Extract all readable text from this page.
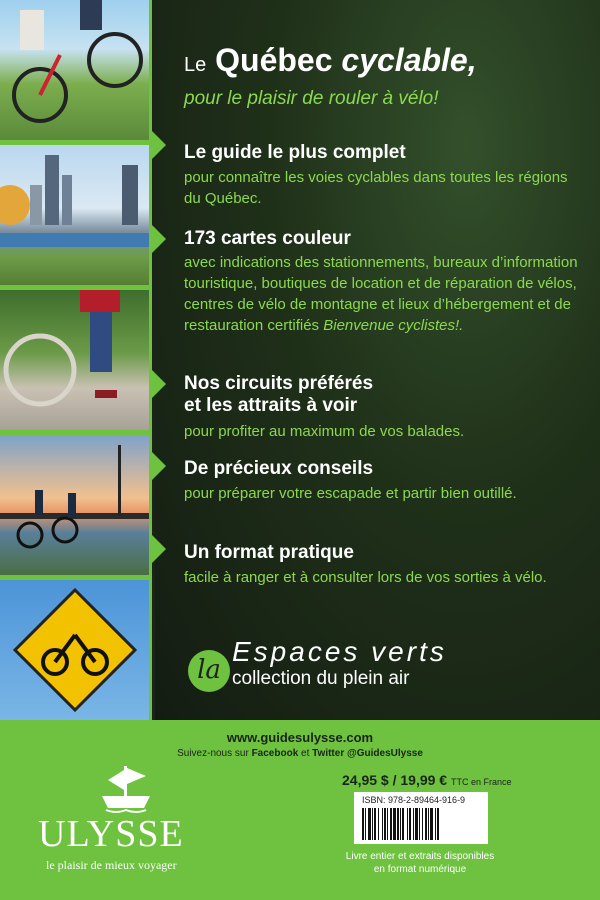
Le Québec cyclable,
pour le plaisir de rouler à vélo!
Le guide le plus complet
pour connaître les voies cyclables dans toutes les régions du Québec.
173 cartes couleur
avec indications des stationnements, bureaux d’information touristique, boutiques de location et de réparation de vélos, centres de vélo de montagne et lieux d’hébergement et de restauration certifiés Bienvenue cyclistes!.
Nos circuits préférés
et les attraits à voir
pour profiter au maximum de vos balades.
De précieux conseils
pour préparer votre escapade et partir bien outillé.
Un format pratique
facile à ranger et à consulter lors de vos sorties à vélo.
la
Espaces verts
collection du plein air
www.guidesulysse.com
Suivez-nous sur Facebook et Twitter @GuidesUlysse
ULYSSE
le plaisir de mieux voyager
24,95 $ / 19,99 € TTC en France
ISBN: 978-2-89464-916-9
Livre entier et extraits disponibles
en format numérique
